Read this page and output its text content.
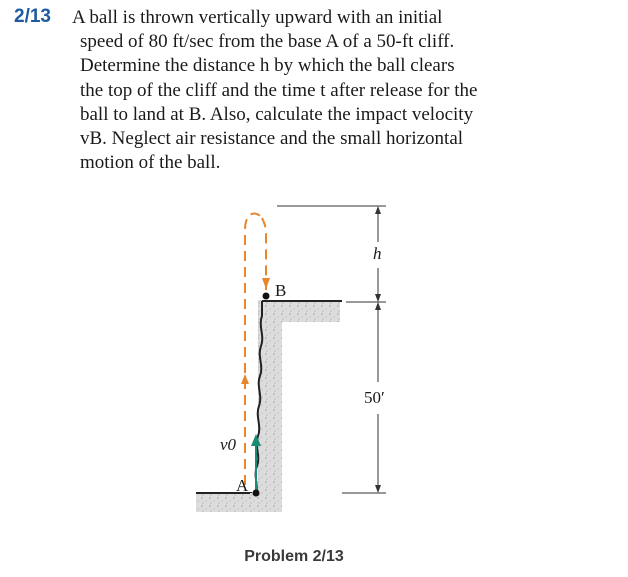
2/13 A ball is thrown vertically upward with an initial
speed of 80 ft/sec from the base A of a 50-ft cliff.
Determine the distance h by which the ball clears
the top of the cliff and the time t after release for the
ball to land at B. Also, calculate the impact velocity
vB. Neglect air resistance and the small horizontal
motion of the ball.
h
B
50′
v0
A
Problem 2/13
